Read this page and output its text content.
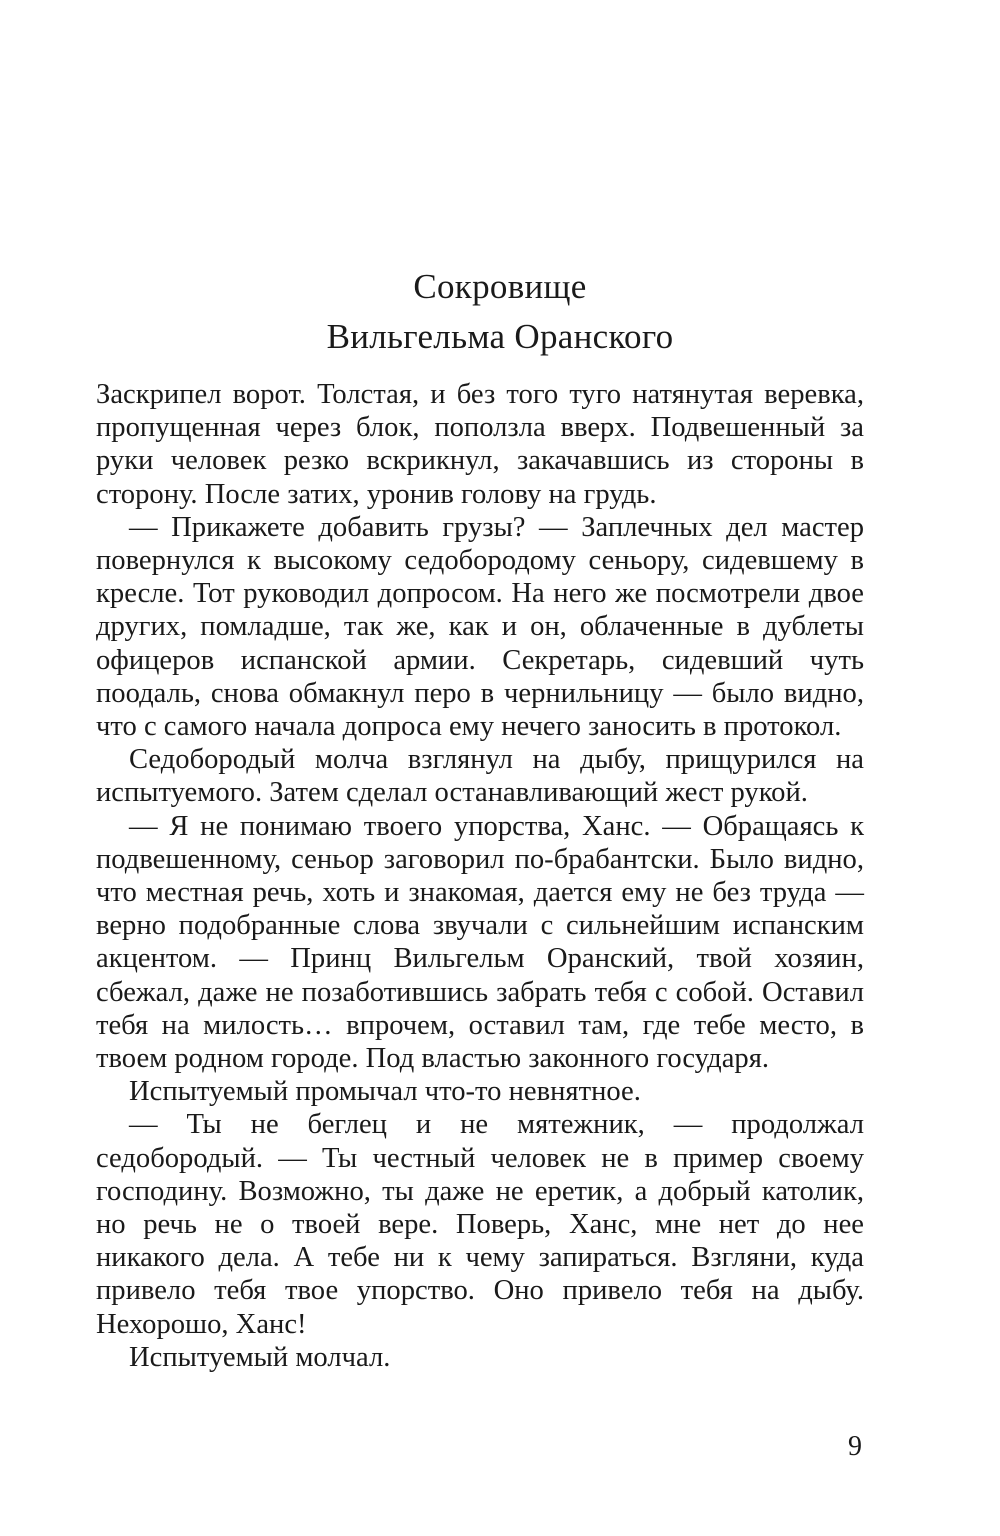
Сокровище
Вильгельма Оранского

Заскрипел ворот. Толстая, и без того туго натянутая веревка, пропущенная через блок, поползла вверх. Подвешенный за руки человек резко вскрикнул, закачавшись из стороны в сторону. После затих, уронив голову на грудь.

— Прикажете добавить грузы? — Заплечных дел мастер повернулся к высокому седобородому сеньору, сидевшему в кресле. Тот руководил допросом. На него же посмотрели двое других, помладше, так же, как и он, облаченные в дублеты офицеров испанской армии. Секретарь, сидевший чуть поодаль, снова обмакнул перо в чернильницу — было видно, что с самого начала допроса ему нечего заносить в протокол.

Седобородый молча взглянул на дыбу, прищурился на испытуемого. Затем сделал останавливающий жест рукой.

— Я не понимаю твоего упорства, Ханс. — Обращаясь к подвешенному, сеньор заговорил по-брабантски. Было видно, что местная речь, хоть и знакомая, дается ему не без труда — верно подобранные слова звучали с сильнейшим испанским акцентом. — Принц Вильгельм Оранский, твой хозяин, сбежал, даже не позаботившись забрать тебя с собой. Оставил тебя на милость… впрочем, оставил там, где тебе место, в твоем родном городе. Под властью законного государя.

Испытуемый промычал что-то невнятное.

— Ты не беглец и не мятежник, — продолжал седобородый. — Ты честный человек не в пример своему господину. Возможно, ты даже не еретик, а добрый католик, но речь не о твоей вере. Поверь, Ханс, мне нет до нее никакого дела. А тебе ни к чему запираться. Взгляни, куда привело тебя твое упорство. Оно привело тебя на дыбу. Нехорошо, Ханс!

Испытуемый молчал.

9
